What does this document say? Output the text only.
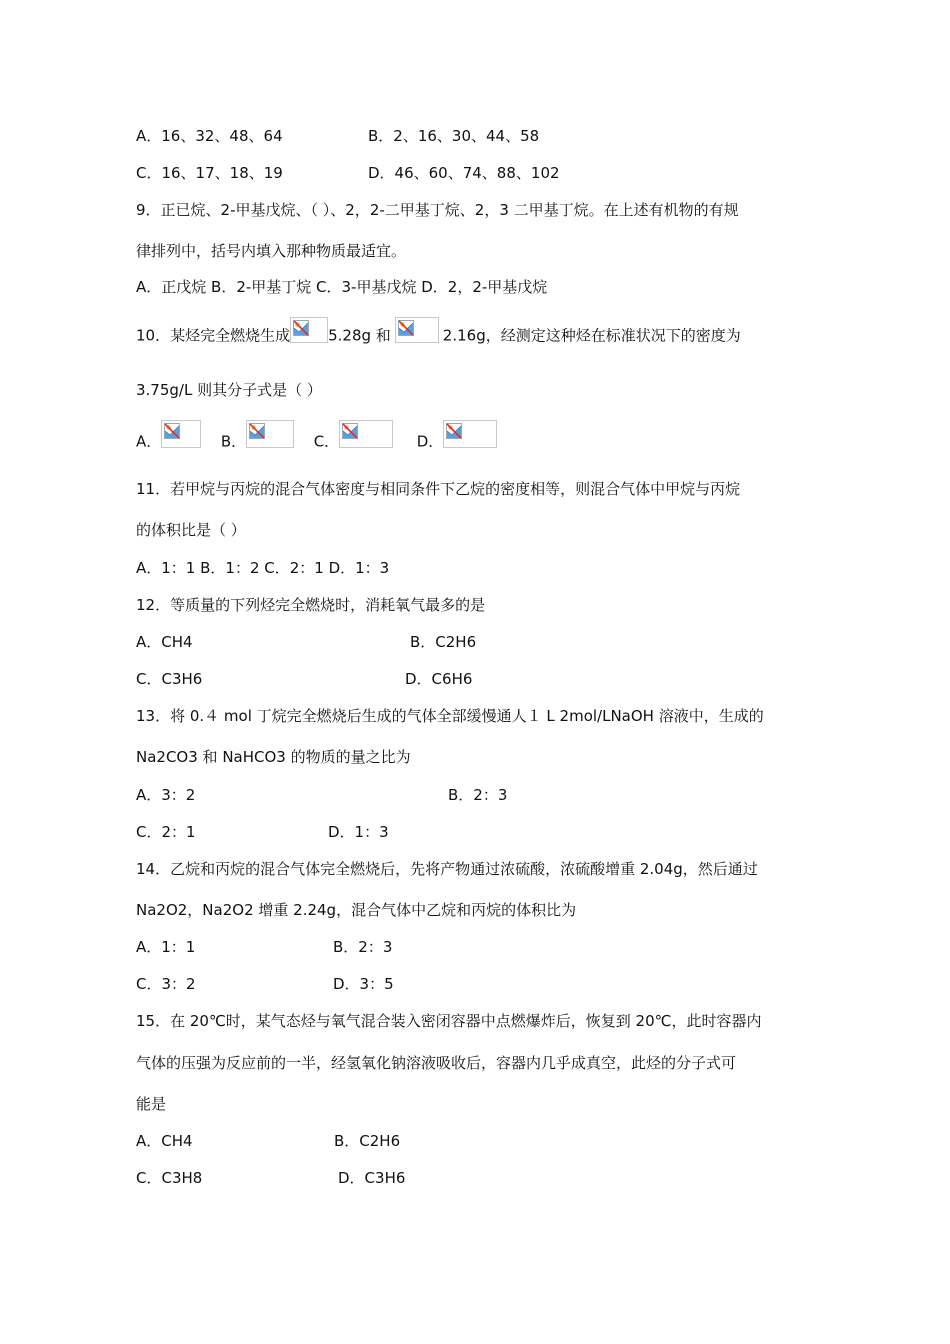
A．16、32、48、64	B．2、16、30、44、58
C．16、17、18、19	D．46、60、74、88、102
9．正已烷、2-甲基戊烷、（ ）、2，2-二甲基丁烷、2，3 二甲基丁烷。在上述有机物的有规
律排列中，括号内填入那种物质最适宜。
A．正戊烷 B．2-甲基丁烷 C．3-甲基戊烷 D．2，2-甲基戊烷
10．某烃完全燃烧生成	5.28g 和	2.16g，经测定这种烃在标准状况下的密度为
3.75g/L 则其分子式是（ ）
A．	B．	C．	D．
11．若甲烷与丙烷的混合气体密度与相同条件下乙烷的密度相等，则混合气体中甲烷与丙烷
的体积比是（ ）
A．1：1 B．1：2 C．2：1 D．1：3
12．等质量的下列烃完全燃烧时，消耗氧气最多的是
A．CH4	B．C2H6
C．C3H6	D．C6H6
13．将 0.４ mol 丁烷完全燃烧后生成的气体全部缓慢通人１ L 2mol/LNaOH 溶液中，生成的
Na2CO3 和 NaHCO3 的物质的量之比为
A．3：2	B．2：3
C．2：1	D．1：3
14．乙烷和丙烷的混合气体完全燃烧后，先将产物通过浓硫酸，浓硫酸增重 2.04g，然后通过
Na2O2，Na2O2 增重 2.24g，混合气体中乙烷和丙烷的体积比为
A．1：1	B．2：3
C．3：2	D．3：5
15．在 20℃时，某气态烃与氧气混合装入密闭容器中点燃爆炸后，恢复到 20℃，此时容器内
气体的压强为反应前的一半，经氢氧化钠溶液吸收后，容器内几乎成真空，此烃的分子式可
能是
A．CH4	B．C2H6
C．C3H8	D．C3H6
